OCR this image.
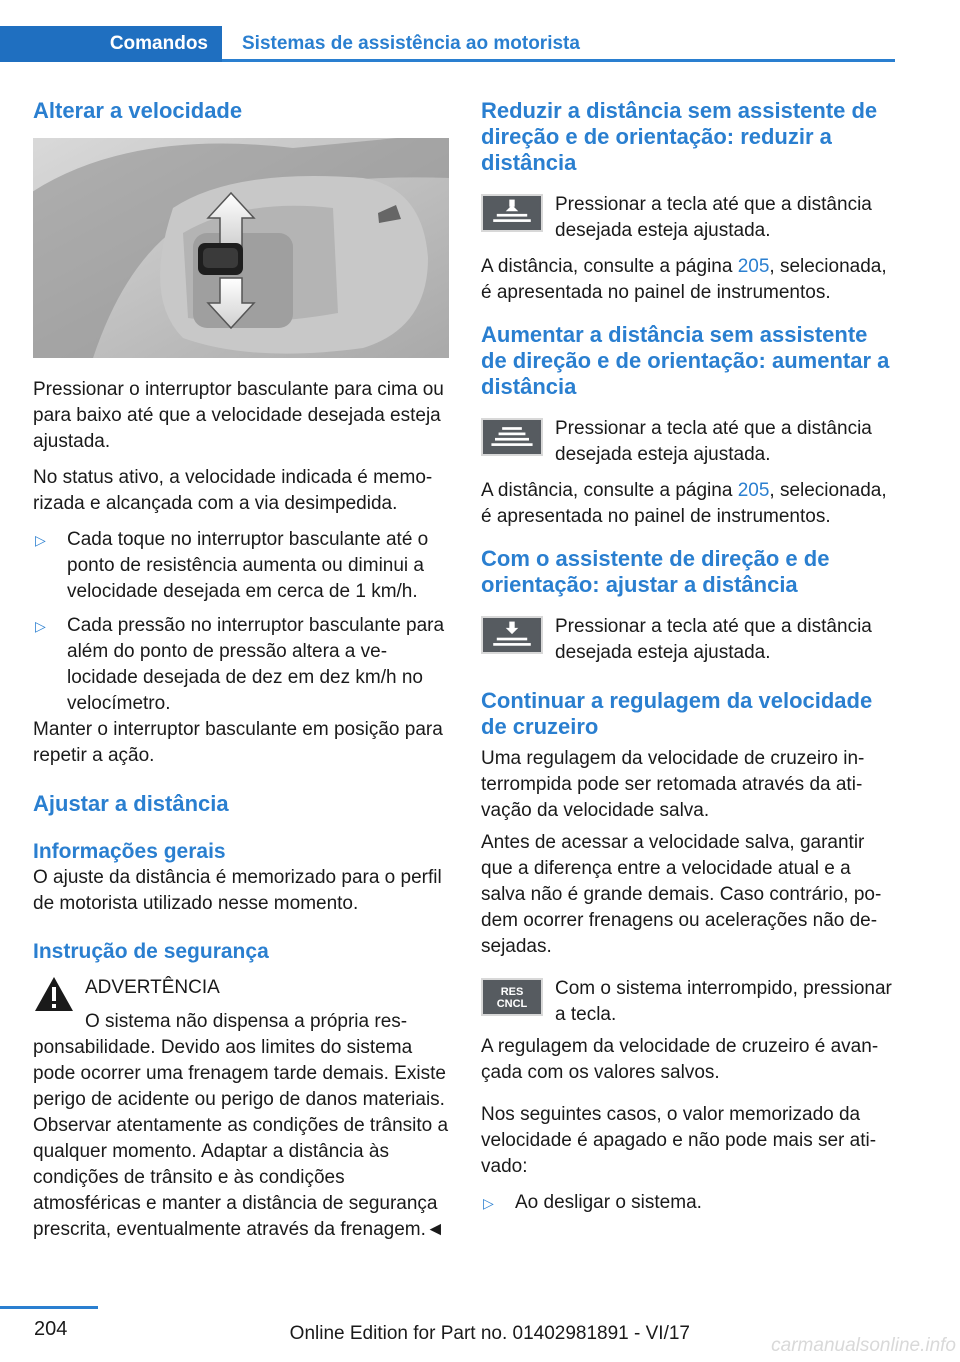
Comandos Sistemas de assistência ao motorista
Alterar a velocidade

Pressionar o interruptor basculante para cima ou para baixo até que a velocidade desejada esteja ajustada.

No status ativo, a velocidade indicada é memorizada e alcançada com a via desimpedida.

▷ Cada toque no interruptor basculante até o ponto de resistência aumenta ou diminui a velocidade desejada em cerca de 1 km/h.
▷ Cada pressão no interruptor basculante para além do ponto de pressão altera a velocidade desejada de dez em dez km/h no velocímetro.

Manter o interruptor basculante em posição para repetir a ação.

Ajustar a distância
Informações gerais

O ajuste da distância é memorizado para o perfil de motorista utilizado nesse momento.

Instrução de segurança

ADVERTÊNCIA

O sistema não dispensa a própria responsabilidade. Devido aos limites do sistema pode ocorrer uma frenagem tarde demais. Existe perigo de acidente ou perigo de danos materiais. Observar atentamente as condições de trânsito a qualquer momento. Adaptar a distância às condições de trânsito e às condições atmosféricas e manter a distância de segurança prescrita, eventualmente através da frenagem.◄

Reduzir a distância sem assistente de direção e de orientação: reduzir a distância

Pressionar a tecla até que a distância desejada esteja ajustada.

A distância, consulte a página 205, selecionada, é apresentada no painel de instrumentos.

Aumentar a distância sem assistente de direção e de orientação: aumentar a distância

Pressionar a tecla até que a distância desejada esteja ajustada.

A distância, consulte a página 205, selecionada, é apresentada no painel de instrumentos.

Com o assistente de direção e de orientação: ajustar a distância

Pressionar a tecla até que a distância desejada esteja ajustada.

Continuar a regulagem da velocidade de cruzeiro

Uma regulagem da velocidade de cruzeiro interrompida pode ser retomada através da ativação da velocidade salva.

Antes de acessar a velocidade salva, garantir que a diferença entre a velocidade atual e a salva não é grande demais. Caso contrário, podem ocorrer frenagens ou acelerações não desejadas.

RES
CNCL

Com o sistema interrompido, pressionar a tecla.

A regulagem da velocidade de cruzeiro é avançada com os valores salvos.

Nos seguintes casos, o valor memorizado da velocidade é apagado e não pode mais ser ativado:

▷ Ao desligar o sistema.
204	Online Edition for Part no. 01402981891 - VI/17
carmanualsonline.info
